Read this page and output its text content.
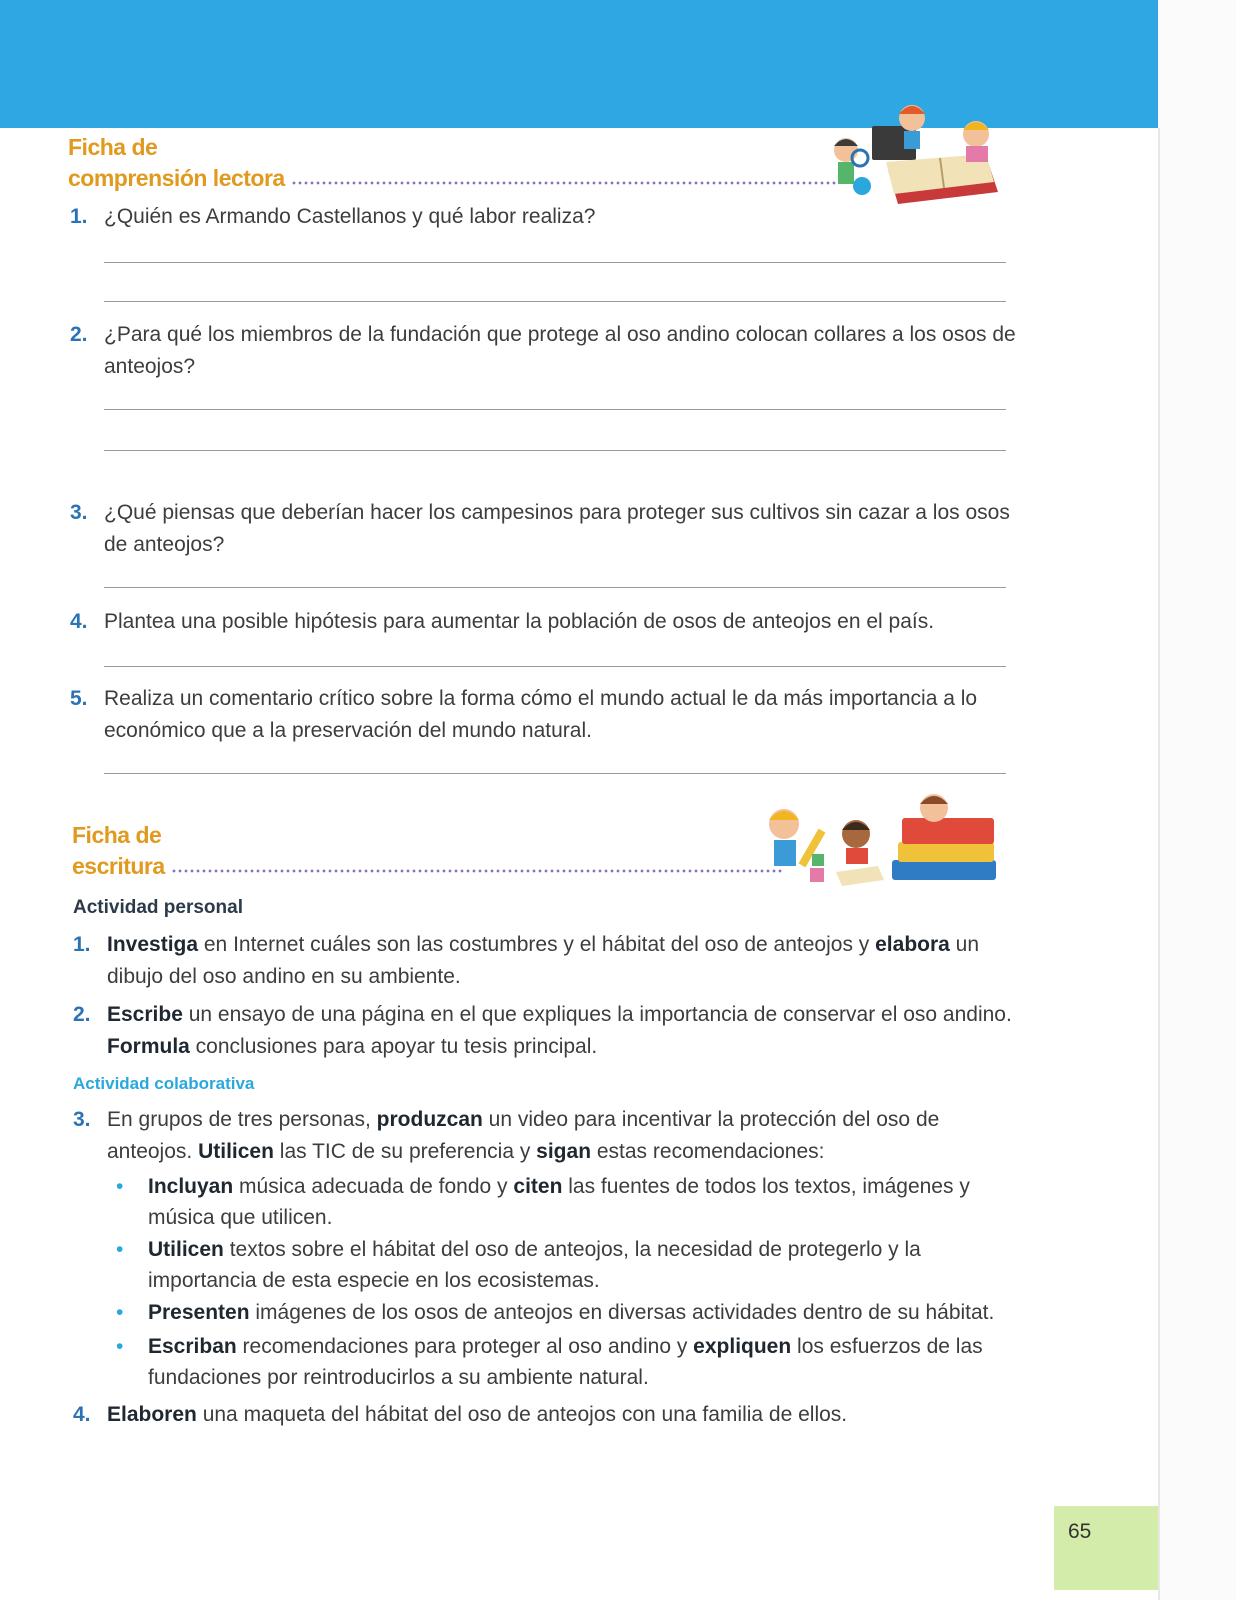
Ficha de
comprensión lectora
1. ¿Quién es Armando Castellanos y qué labor realiza?
2. ¿Para qué los miembros de la fundación que protege al oso andino colocan collares a los osos de anteojos?
3. ¿Qué piensas que deberían hacer los campesinos para proteger sus cultivos sin cazar a los osos de anteojos?
4. Plantea una posible hipótesis para aumentar la población de osos de anteojos en el país.
5. Realiza un comentario crítico sobre la forma cómo el mundo actual le da más importancia a lo económico que a la preservación del mundo natural.
Ficha de
escritura
Actividad personal
1. Investiga en Internet cuáles son las costumbres y el hábitat del oso de anteojos y elabora un dibujo del oso andino en su ambiente.
2. Escribe un ensayo de una página en el que expliques la importancia de conservar el oso andino. Formula conclusiones para apoyar tu tesis principal.
Actividad colaborativa
3. En grupos de tres personas, produzcan un video para incentivar la protección del oso de anteojos. Utilicen las TIC de su preferencia y sigan estas recomendaciones:
• Incluyan música adecuada de fondo y citen las fuentes de todos los textos, imágenes y música que utilicen.
• Utilicen textos sobre el hábitat del oso de anteojos, la necesidad de protegerlo y la importancia de esta especie en los ecosistemas.
• Presenten imágenes de los osos de anteojos en diversas actividades dentro de su hábitat.
• Escriban recomendaciones para proteger al oso andino y expliquen los esfuerzos de las fundaciones por reintroducirlos a su ambiente natural.
4. Elaboren una maqueta del hábitat del oso de anteojos con una familia de ellos.
65
